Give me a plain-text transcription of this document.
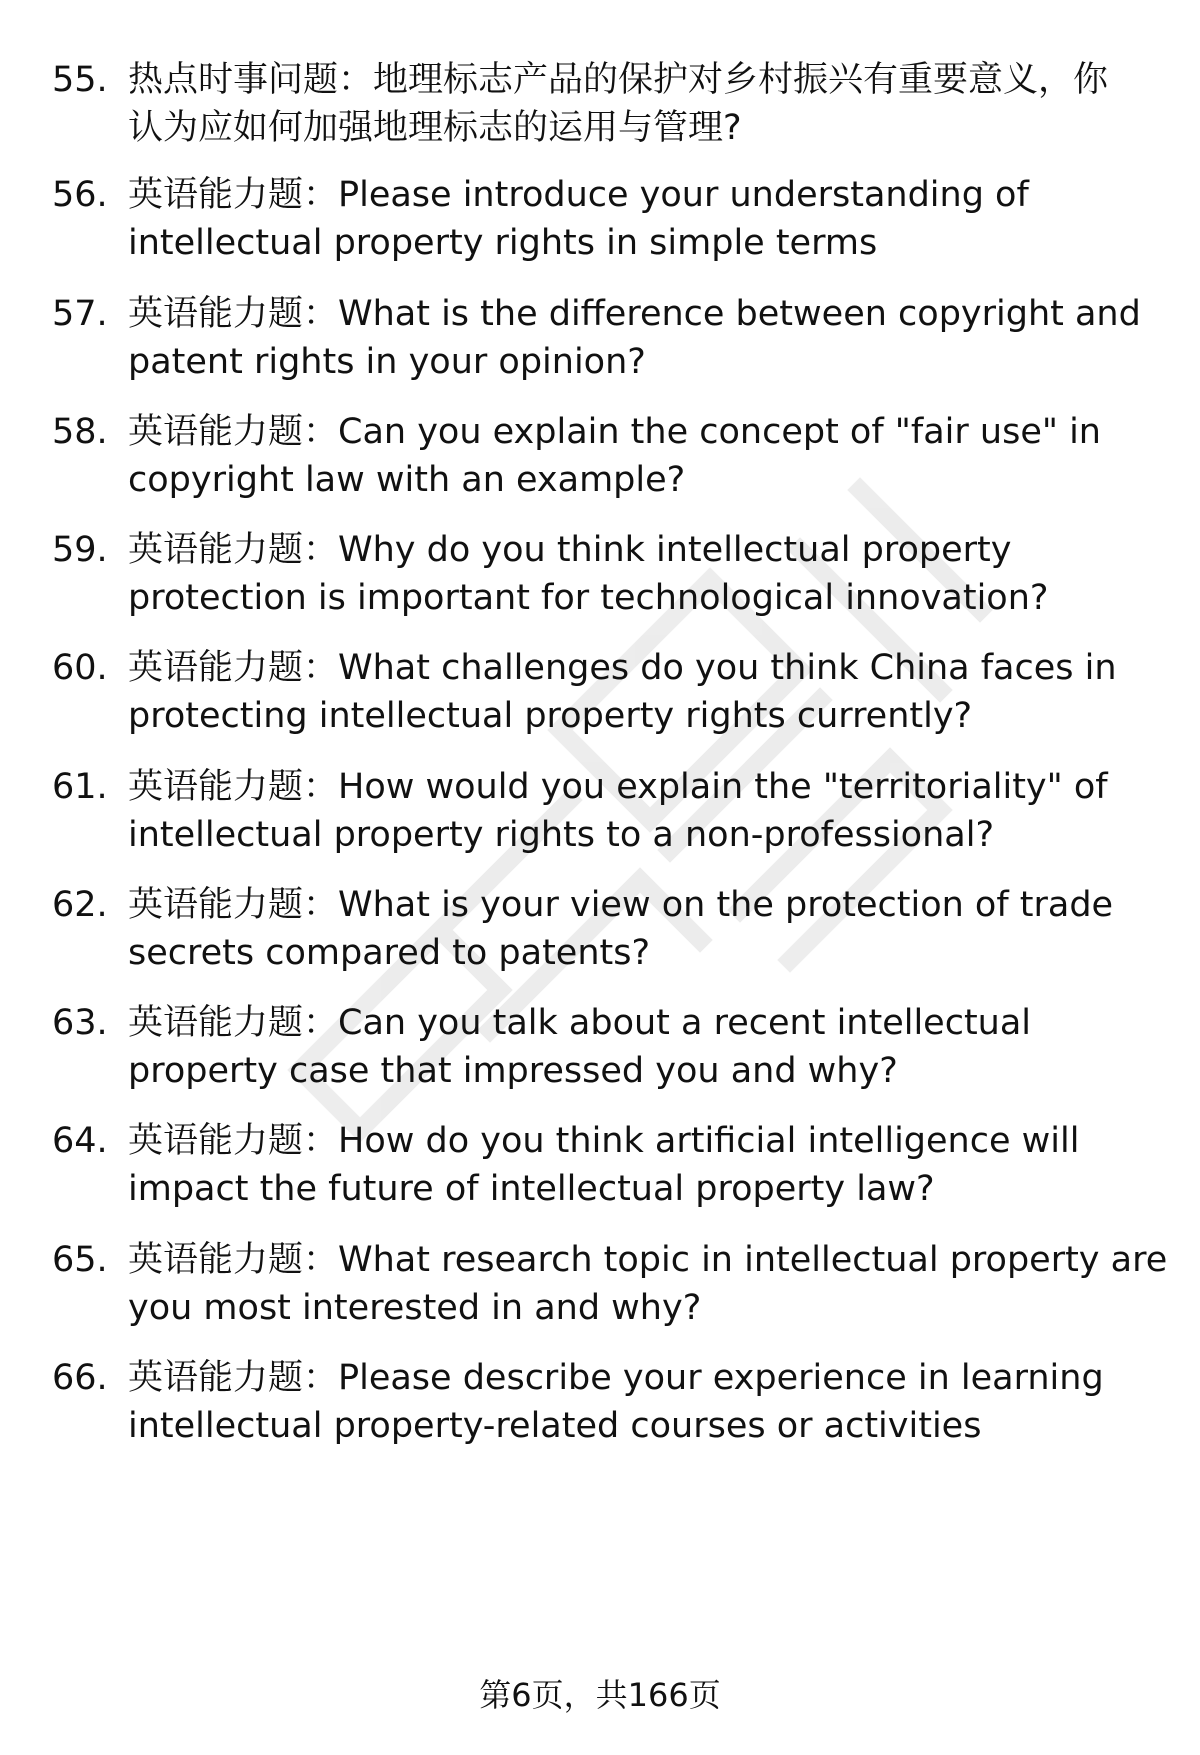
55. 热点时事问题：地理标志产品的保护对乡村振兴有重要意义，你
认为应如何加强地理标志的运用与管理?
56. 英语能力题：Please introduce your understanding of
intellectual property rights in simple terms
57. 英语能力题：What is the difference between copyright and
patent rights in your opinion?
58. 英语能力题：Can you explain the concept of "fair use" in
copyright law with an example?
59. 英语能力题：Why do you think intellectual property
protection is important for technological innovation?
60. 英语能力题：What challenges do you think China faces in
protecting intellectual property rights currently?
61. 英语能力题：How would you explain the "territoriality" of
intellectual property rights to a non-professional?
62. 英语能力题：What is your view on the protection of trade
secrets compared to patents?
63. 英语能力题：Can you talk about a recent intellectual
property case that impressed you and why?
64. 英语能力题：How do you think artificial intelligence will
impact the future of intellectual property law?
65. 英语能力题：What research topic in intellectual property are
you most interested in and why?
66. 英语能力题：Please describe your experience in learning
intellectual property-related courses or activities
第6页，共166页
